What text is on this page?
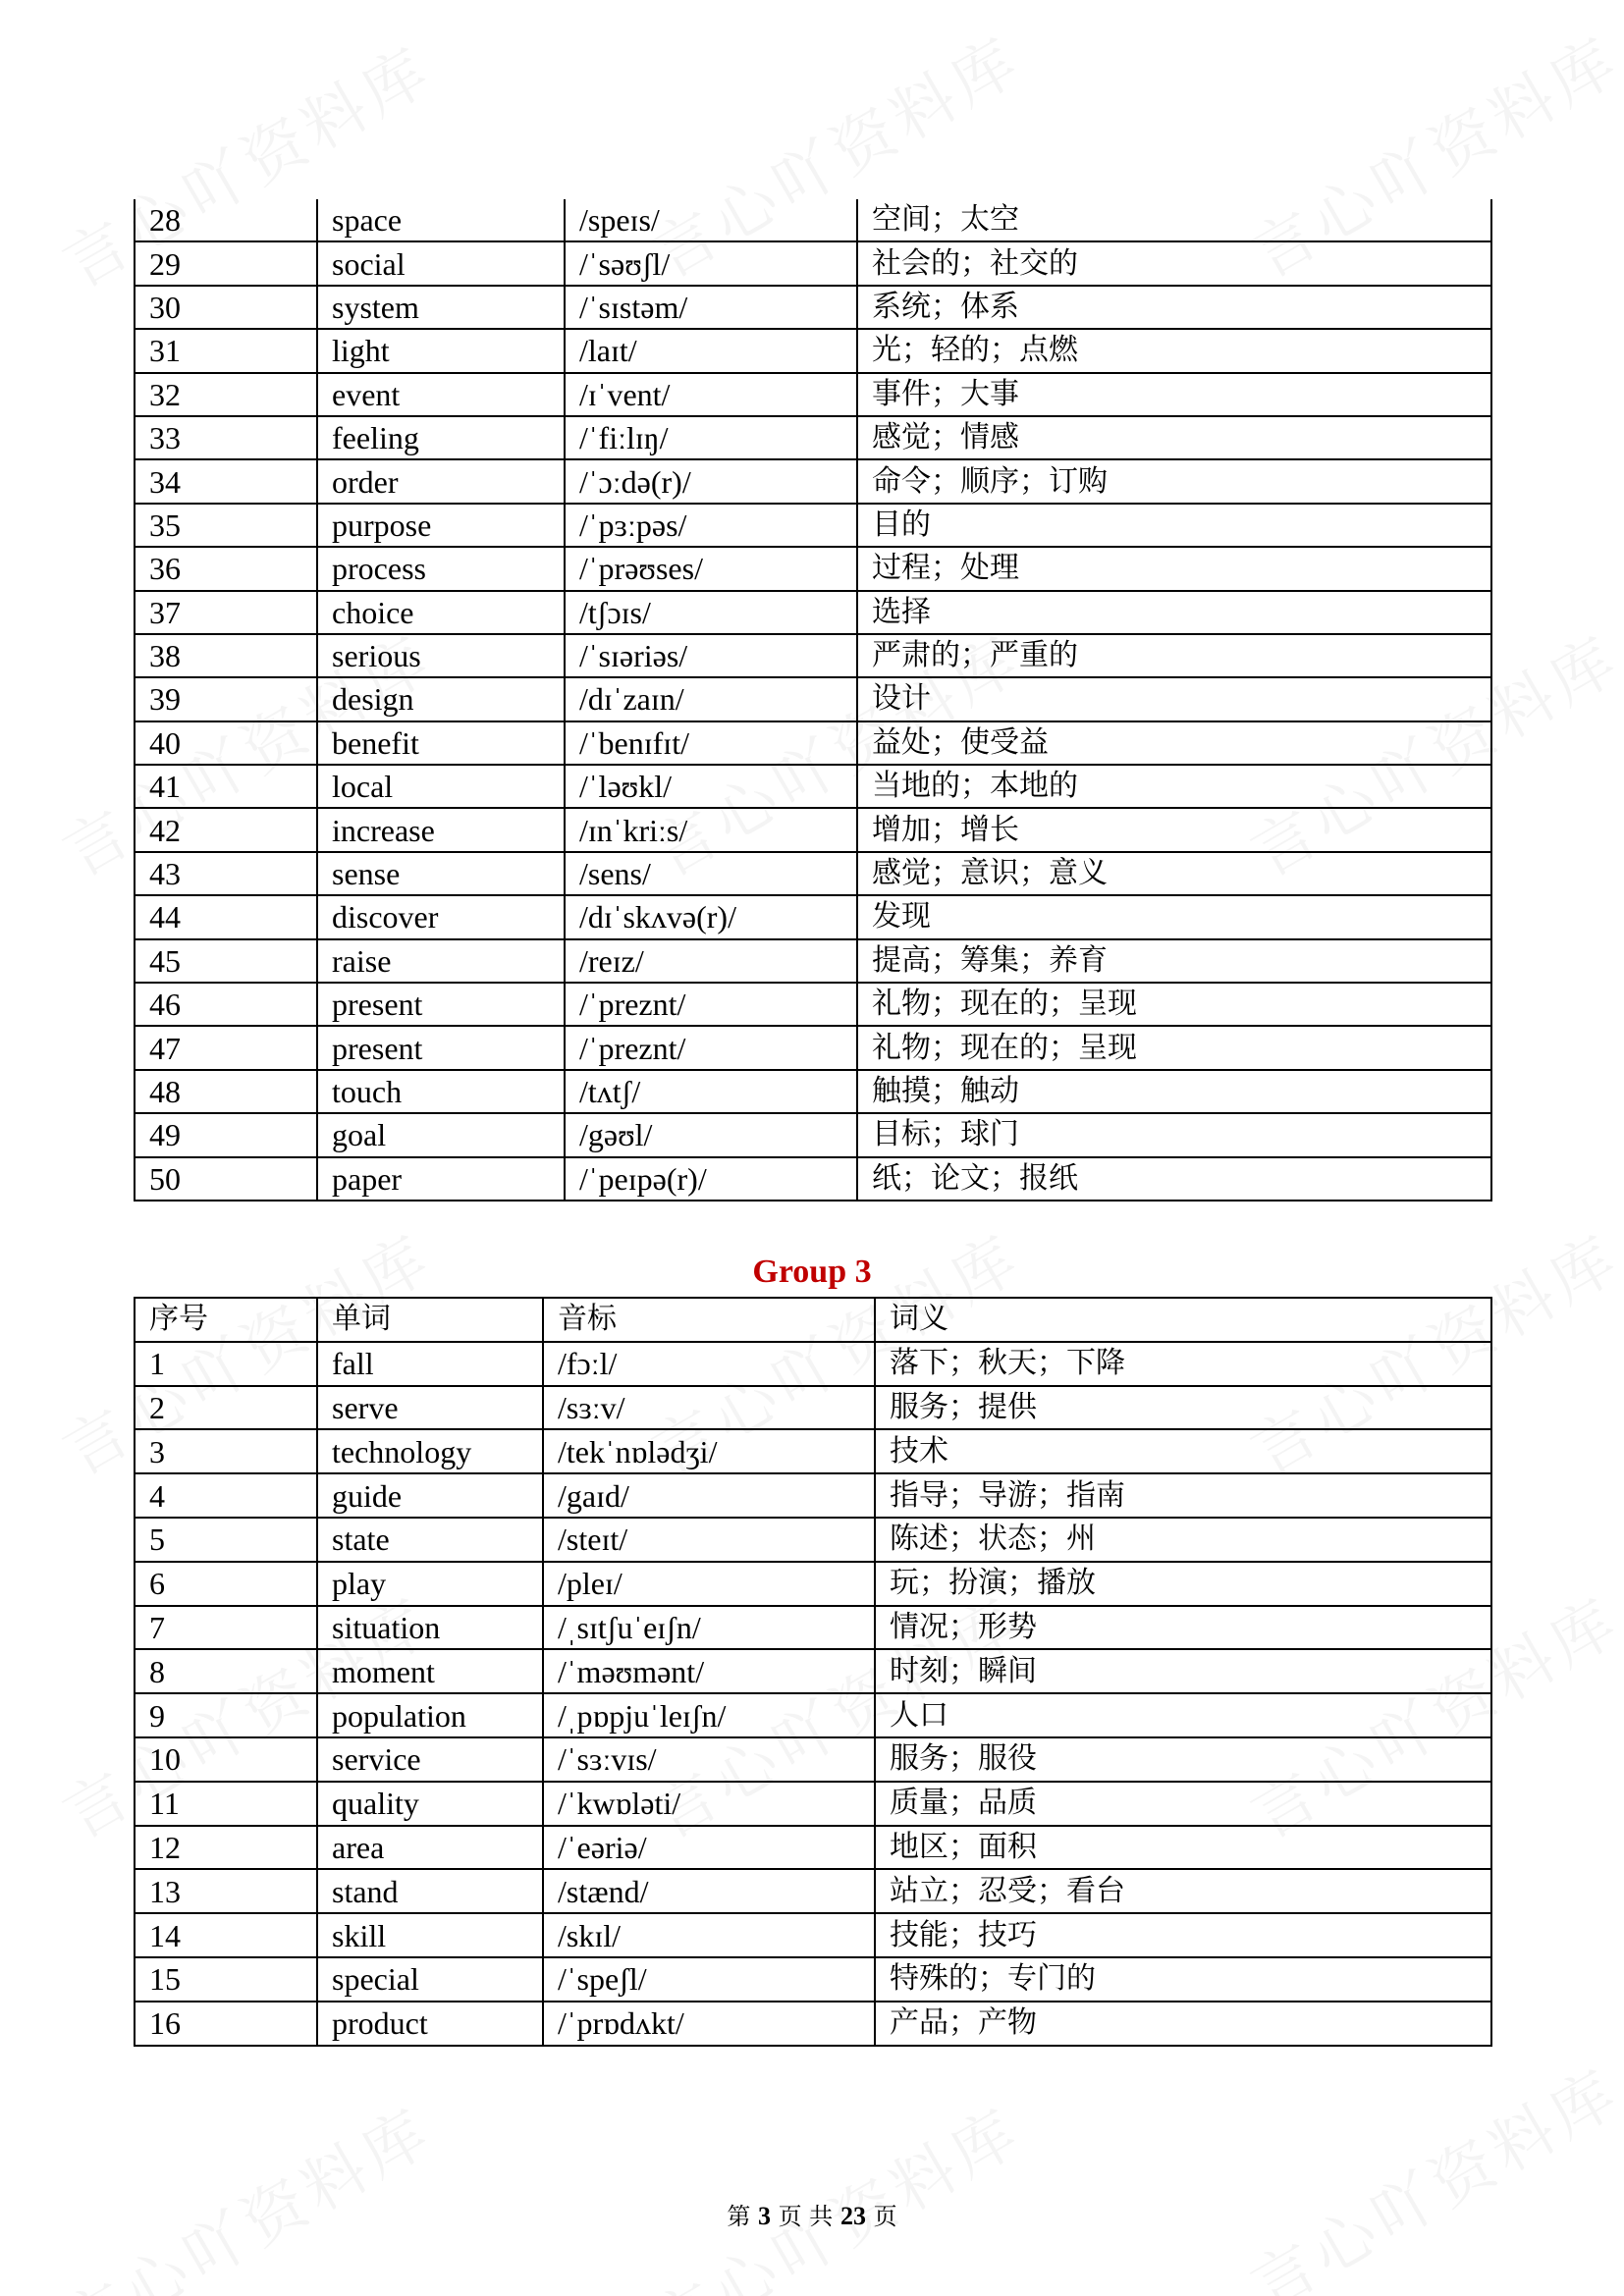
28	space	/speɪs/	空间；太空
29	social	/ˈsəʊʃl/	社会的；社交的
30	system	/ˈsɪstəm/	系统；体系
31	light	/laɪt/	光；轻的；点燃
32	event	/ɪˈvent/	事件；大事
33	feeling	/ˈfiːlɪŋ/	感觉；情感
34	order	/ˈɔːdə(r)/	命令；顺序；订购
35	purpose	/ˈpɜːpəs/	目的
36	process	/ˈprəʊses/	过程；处理
37	choice	/tʃɔɪs/	选择
38	serious	/ˈsɪəriəs/	严肃的；严重的
39	design	/dɪˈzaɪn/	设计
40	benefit	/ˈbenɪfɪt/	益处；使受益
41	local	/ˈləʊkl/	当地的；本地的
42	increase	/ɪnˈkriːs/	增加；增长
43	sense	/sens/	感觉；意识；意义
44	discover	/dɪˈskʌvə(r)/	发现
45	raise	/reɪz/	提高；筹集；养育
46	present	/ˈpreznt/	礼物；现在的；呈现
47	present	/ˈpreznt/	礼物；现在的；呈现
48	touch	/tʌtʃ/	触摸；触动
49	goal	/gəʊl/	目标；球门
50	paper	/ˈpeɪpə(r)/	纸；论文；报纸
Group 3
序号	单词	音标	词义
1	fall	/fɔːl/	落下；秋天；下降
2	serve	/sɜːv/	服务；提供
3	technology	/tekˈnɒlədʒi/	技术
4	guide	/gaɪd/	指导；导游；指南
5	state	/steɪt/	陈述；状态；州
6	play	/pleɪ/	玩；扮演；播放
7	situation	/ˌsɪtʃuˈeɪʃn/	情况；形势
8	moment	/ˈməʊmənt/	时刻；瞬间
9	population	/ˌpɒpjuˈleɪʃn/	人口
10	service	/ˈsɜːvɪs/	服务；服役
11	quality	/ˈkwɒləti/	质量；品质
12	area	/ˈeəriə/	地区；面积
13	stand	/stænd/	站立；忍受；看台
14	skill	/skɪl/	技能；技巧
15	special	/ˈspeʃl/	特殊的；专门的
16	product	/ˈprɒdʌkt/	产品；产物
第 3 页 共 23 页
